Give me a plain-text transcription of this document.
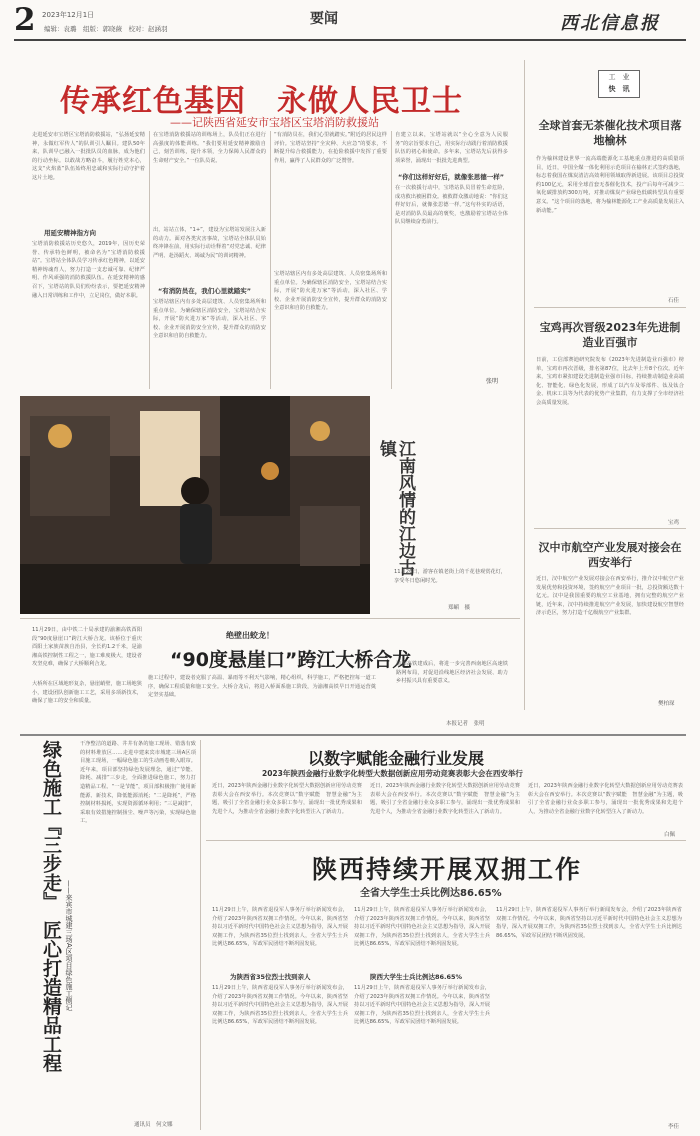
2 2023年12月1日	要闻
编辑：袁璐　组版：郭晓薇　校对：赵涵羽	西北信息报
传承红色基因　永做人民卫士
——记陕西省延安市宝塔区宝塔消防救援站
走进延安市宝塔区宝塔消防救援站，“弘扬延安精神，永做红军传人”的队训引人瞩目。建队50年来，队训早已融入一批批队员的血脉，成为他们的行动坐标。以敢战方略奋斗，履行姓党本心，这支“火焰蓝”队伍始终用忠诚和实际行动守护着这片土地。
用延安精神指方向
宝塔消防救援站历史悠久，2019年，因历史荣誉、传承特色鲜明，被命名为“宝塔消防救援站”。宝塔站全体队员学习传承红色精神，以延安精神铸魂育人，努力打造一支忠诚可靠、纪律严明、作风顽强的消防救援队伍。在延安精神的感召下，宝塔站的队员们纷纷表示，要把延安精神融入日常训练和工作中，立足岗位，做好本职。
在宝塔消防救援站的训练场上，队员们正在进行高强度的体能训练。“我们要用延安精神激励自己，刻苦训练，提升本领，全力保障人民群众的生命财产安全。”一位队员说。
出，站站立体，“1+”，建设为宝塔站发展注入新的动力。面对各类灾害事故，宝塔站全体队员始终冲锋在前，用实际行动诠释着“对党忠诚、纪律严明、赴汤蹈火、竭诚为民”的训词精神。
“有消防员在，我们心里就踏实”
宝塔站辖区内有多处高层建筑、人员密集场所和重点单位。为确保辖区消防安全，宝塔站结合实际，开展“防火进万家”等活动，深入社区、学校、企业开展消防安全宣传，提升群众的消防安全意识和自防自救能力。
“有消防员在，我们心里就踏实。”附近的居民这样评价。宝塔站坚持“全灾种、大应急”的要求，不断提升综合救援能力，在抢险救援中发挥了重要作用，赢得了人民群众的广泛赞誉。
宝塔站辖区内有多处高层建筑、人员密集场所和重点单位。为确保辖区消防安全，宝塔站结合实际，开展“防火进万家”等活动，深入社区、学校、企业开展消防安全宣传，提升群众的消防安全意识和自防自救能力。
自建立以来，宝塔站就以“全心全意为人民服务”的宗旨要求自己，用实际行动践行着消防救援队伍的初心和使命。多年来，宝塔站先后获得多项荣誉，涌现出一批批先进典型。
“你们这样好好后，就像张思德一样”
在一次救援行动中，宝塔站队员冒着生命危险，成功救出被困群众。被救群众激动地说：“你们这样好好后，就像张思德一样。”这句朴实的话语，是对消防队员最高的褒奖，也激励着宝塔站全体队员继续奋勇前行。
张明
江南风情的江边古镇
11月26日，游客在镇老街上的千花巷观赏花灯，享受冬日悠闲时光。
郑嵋　摄
工　业
快　讯
全球首套无茶催化技术项目落地榆林
作为榆林建设世界一流高端能源化工基地重点推进的高质量项目，近日，中国全煤一体化利用示范项目在榆林正式签约落地，标志着我国在煤炭清洁高效利用领域取得新进展。该项目总投资约100亿元，采用全球首套无茶催化技术，投产后每年可减少二氧化碳排放约300万吨，对推动煤炭产业绿色低碳转型具有重要意义。“这个项目的落地，将为榆林能源化工产业高质量发展注入新动能。”
石佳
宝鸡再次晋级2023年先进制造业百强市
日前，工信部赛迪研究院发布《2023年先进制造业百强市》榜单，宝鸡市再次晋级，排名第87位，比去年上升8个位次。近年来，宝鸡市紧扣建设先进制造业强市目标，持续推动制造业高端化、智能化、绿色化发展，形成了以汽车及零部件、钛及钛合金、机床工具等为代表的优势产业集群，有力支撑了全市经济社会高质量发展。
宝鸡
汉中市航空产业发展对接会在西安举行
近日，汉中航空产业发展对接会在西安举行，推介汉中航空产业发展优势和投资环境，签约航空产业项目一批，总投资额达数十亿元。汉中是我国重要的航空工业基地，拥有完整的航空产业链，近年来，汉中持续推进航空产业发展，加快建设航空智慧经济示范区，努力打造千亿级航空产业集群。
樊柏琛
11月29日，由中铁二十局承建的渝湘高铁酉阳段“90度悬崖口”跨江大桥合龙。该桥位于重庆酉阳土家族苗族自治县，全长约1.2千米，是渝湘高铁控制性工程之一，施工难度极大，建设者攻坚克难，确保了大桥顺利合龙。
大桥所在区域地形复杂，悬崖峭壁，施工场地狭小，建设团队创新施工工艺，采用多项新技术，确保了施工的安全和质量。
绝壁出蛟龙！
“90度悬崖口”跨江大桥合龙
施工过程中，建设者克服了高温、暴雨等不利天气影响，精心组织，科学施工，严格把控每一道工序，确保工程质量和施工安全。大桥合龙后，将进入桥面系施工阶段，为渝湘高铁早日开通运营奠定坚实基础。
渝湘高铁建成后，将进一步完善西南地区高速铁路网布局，对促进沿线地区经济社会发展、助力乡村振兴具有重要意义。
本报记者　张明
绿色施工『三步走』　匠心打造精品工程 ——来宾市城建三场A区项目绿色施工侧记
干净整洁的道路、井井有条的施工现场、错落有致的材料堆放区……走进中建来宾市城建三场A区项目施工现场，一幅绿色施工的生动画卷映入眼帘。近年来，项目部坚持绿色发展理念，通过“节能、降耗、减排”三步走，全面推进绿色施工，努力打造精品工程。“一是节能”，项目部积极推广使用新能源、新技术，降低能源消耗；“二是降耗”，严格控制材料损耗，实现资源循环利用；“三是减排”，采取有效措施控制扬尘、噪声等污染，实现绿色施工。
通讯员　何文娜
以数字赋能金融行业发展
2023年陕西金融行业数字化转型大数据创新应用劳动竞赛表彰大会在西安举行
近日，2023年陕西金融行业数字化转型大数据创新应用劳动竞赛表彰大会在西安举行。本次竞赛以“数字赋能　智慧金融”为主题，吸引了全省金融行业众多职工参与，涌现出一批优秀成果和先进个人，为推动全省金融行业数字化转型注入了新动力。
近日，2023年陕西金融行业数字化转型大数据创新应用劳动竞赛表彰大会在西安举行。本次竞赛以“数字赋能　智慧金融”为主题，吸引了全省金融行业众多职工参与，涌现出一批优秀成果和先进个人，为推动全省金融行业数字化转型注入了新动力。
近日，2023年陕西金融行业数字化转型大数据创新应用劳动竞赛表彰大会在西安举行。本次竞赛以“数字赋能　智慧金融”为主题，吸引了全省金融行业众多职工参与，涌现出一批优秀成果和先进个人，为推动全省金融行业数字化转型注入了新动力。
白佩
陕西持续开展双拥工作
全省大学生士兵比例达86.65%
11月29日上午，陕西省退役军人事务厅举行新闻发布会，介绍了2023年陕西省双拥工作情况。今年以来，陕西省坚持以习近平新时代中国特色社会主义思想为指导，深入开展双拥工作，为陕西省35位烈士找到亲人，全省大学生士兵比例达86.65%，军政军民团结不断巩固发展。
为陕西省35位烈士找到亲人
11月29日上午，陕西省退役军人事务厅举行新闻发布会，介绍了2023年陕西省双拥工作情况。今年以来，陕西省坚持以习近平新时代中国特色社会主义思想为指导，深入开展双拥工作，为陕西省35位烈士找到亲人，全省大学生士兵比例达86.65%，军政军民团结不断巩固发展。
11月29日上午，陕西省退役军人事务厅举行新闻发布会，介绍了2023年陕西省双拥工作情况。今年以来，陕西省坚持以习近平新时代中国特色社会主义思想为指导，深入开展双拥工作，为陕西省35位烈士找到亲人，全省大学生士兵比例达86.65%，军政军民团结不断巩固发展。
陕西大学生士兵比例达86.65%
11月29日上午，陕西省退役军人事务厅举行新闻发布会，介绍了2023年陕西省双拥工作情况。今年以来，陕西省坚持以习近平新时代中国特色社会主义思想为指导，深入开展双拥工作，为陕西省35位烈士找到亲人，全省大学生士兵比例达86.65%，军政军民团结不断巩固发展。
11月29日上午，陕西省退役军人事务厅举行新闻发布会，介绍了2023年陕西省双拥工作情况。今年以来，陕西省坚持以习近平新时代中国特色社会主义思想为指导，深入开展双拥工作，为陕西省35位烈士找到亲人，全省大学生士兵比例达86.65%，军政军民团结不断巩固发展。
李佳
